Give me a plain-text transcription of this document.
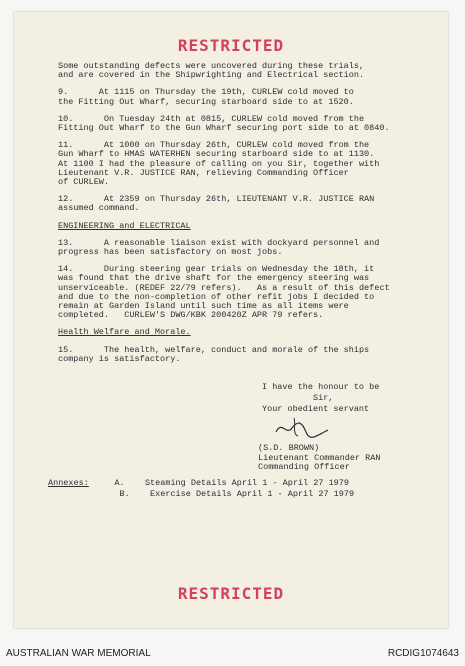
RESTRICTED

Some outstanding defects were uncovered during these trials,
and are covered in the Shipwrighting and Electrical section.

9.      At 1115 on Thursday the 19th, CURLEW cold moved to
the Fitting Out Wharf, securing starboard side to at 1520.

10.      On Tuesday 24th at 0815, CURLEW cold moved from the
Fitting Out Wharf to the Gun Wharf securing port side to at 0840.

11.      At 1000 on Thursday 26th, CURLEW cold moved from the
Gun Wharf to HMAS WATERHEN securing starboard side to at 1130.
At 1100 I had the pleasure of calling on you Sir, together with
Lieutenant V.R. JUSTICE RAN, relieving Commanding Officer
of CURLEW.

12.      At 2359 on Thursday 26th, LIEUTENANT V.R. JUSTICE RAN
assumed command.

ENGINEERING and ELECTRICAL

13.      A reasonable liaison exist with dockyard personnel and
progress has been satisfactory on most jobs.

14.      During steering gear trials on Wednesday the 18th, it
was found that the drive shaft for the emergency steering was
unserviceable. (REDEF 22/79 refers).   As a result of this defect
and due to the non-completion of other refit jobs I decided to
remain at Garden Island until such time as all items were
completed.   CURLEW'S DWG/KBK 200420Z APR 79 refers.

Health Welfare and Morale.

15.      The health, welfare, conduct and morale of the ships
company is satisfactory.

I have the honour to be
Sir,
Your obedient servant
(S.D. BROWN)
Lieutenant Commander RAN
Commanding Officer
Annexes:	A. Steaming Details April 1 - April 27 1979
B. Exercise Details April 1 - April 27 1979
RESTRICTED
AUSTRALIAN WAR MEMORIAL	RCDIG1074643
